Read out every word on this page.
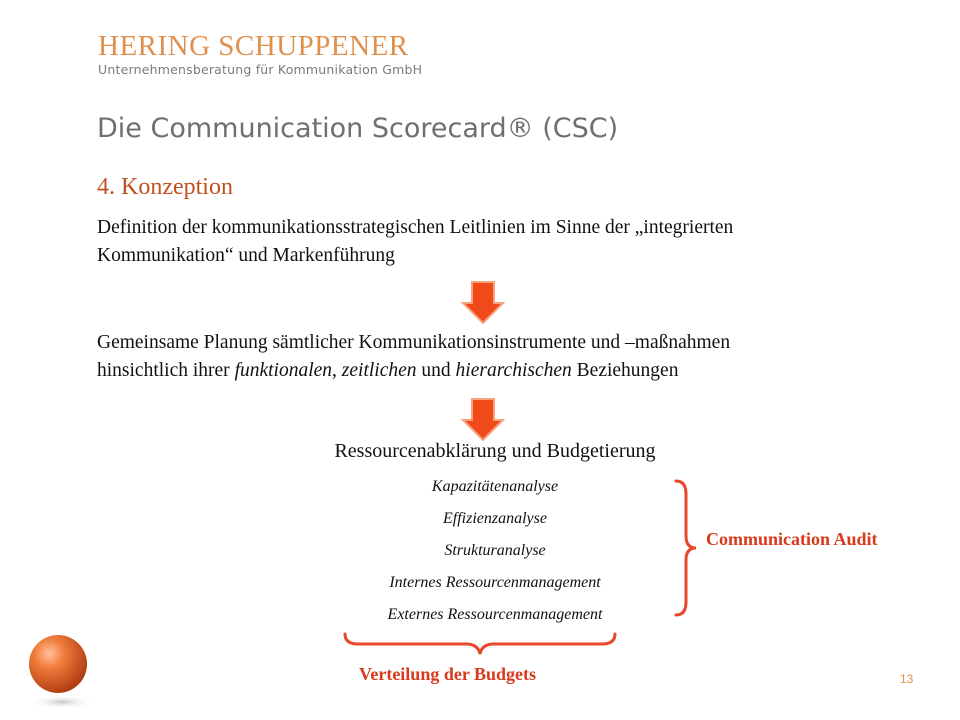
HERING SCHUPPENER
Unternehmensberatung für Kommunikation GmbH
Die Communication Scorecard® (CSC)
4. Konzeption
Definition der kommunikationsstrategischen Leitlinien im Sinne der „integrierten
Kommunikation“ und Markenführung
Gemeinsame Planung sämtlicher Kommunikationsinstrumente und –maßnahmen
hinsichtlich ihrer funktionalen, zeitlichen und hierarchischen Beziehungen
Ressourcenabklärung und Budgetierung
Kapazitätenanalyse
Effizienzanalyse
Strukturanalyse
Internes Ressourcenmanagement
Externes Ressourcenmanagement
Communication Audit
Verteilung der Budgets	13
